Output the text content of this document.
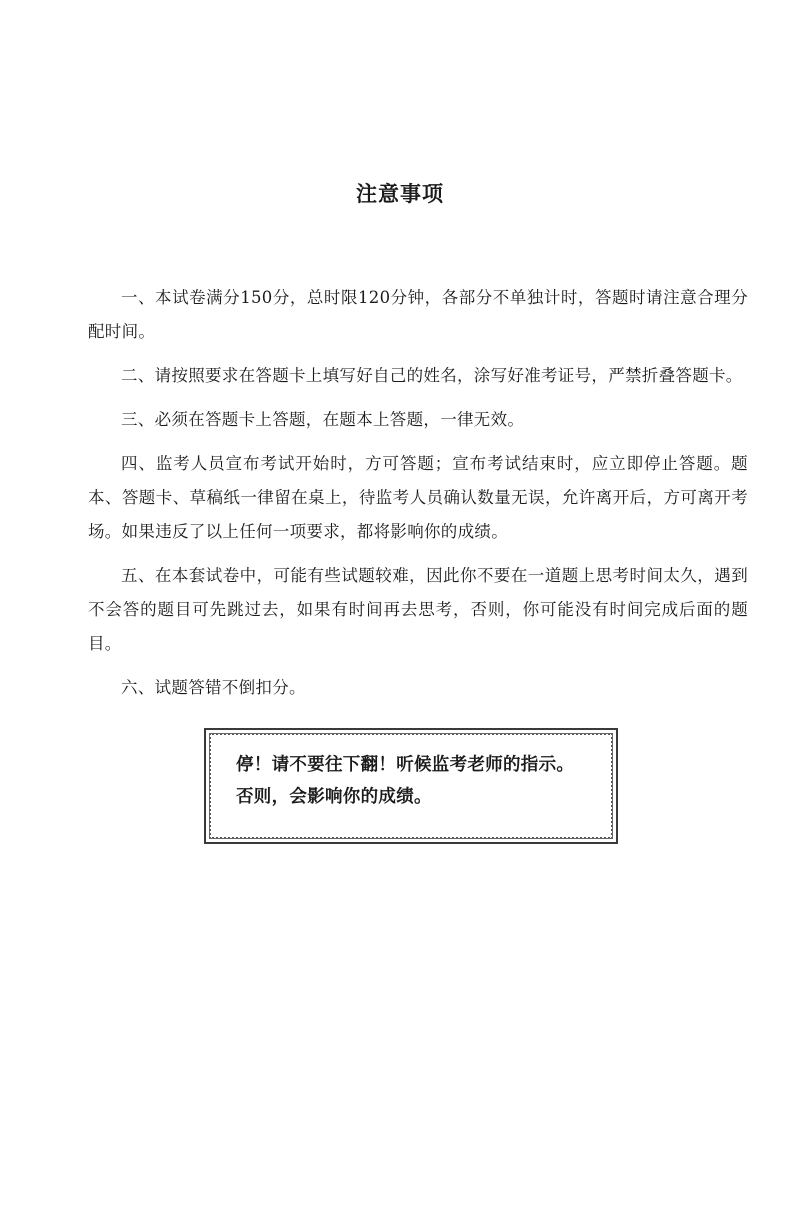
注意事项

一、本试卷满分150分，总时限120分钟，各部分不单独计时，答题时请注意合理分配时间。

二、请按照要求在答题卡上填写好自己的姓名，涂写好准考证号，严禁折叠答题卡。

三、必须在答题卡上答题，在题本上答题，一律无效。

四、监考人员宣布考试开始时，方可答题；宣布考试结束时，应立即停止答题。题本、答题卡、草稿纸一律留在桌上，待监考人员确认数量无误，允许离开后，方可离开考场。如果违反了以上任何一项要求，都将影响你的成绩。

五、在本套试卷中，可能有些试题较难，因此你不要在一道题上思考时间太久，遇到不会答的题目可先跳过去，如果有时间再去思考，否则，你可能没有时间完成后面的题目。

六、试题答错不倒扣分。

停！请不要往下翻！听候监考老师的指示。
否则，会影响你的成绩。
